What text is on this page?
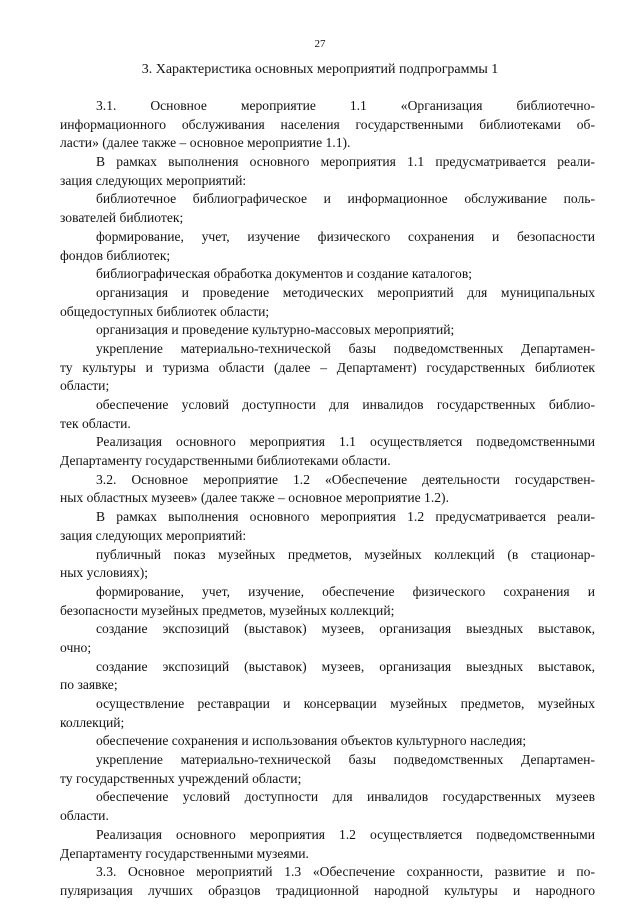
27
3. Характеристика основных мероприятий подпрограммы 1
3.1. Основное мероприятие 1.1 «Организация библиотечно-
информационного обслуживания населения государственными библиотеками об-
ласти» (далее также – основное мероприятие 1.1).
В рамках выполнения основного мероприятия 1.1 предусматривается реали-
зация следующих мероприятий:
библиотечное библиографическое и информационное обслуживание поль-
зователей библиотек;
формирование, учет, изучение физического сохранения и безопасности
фондов библиотек;
библиографическая обработка документов и создание каталогов;
организация и проведение методических мероприятий для муниципальных
общедоступных библиотек области;
организация и проведение культурно-массовых мероприятий;
укрепление материально-технической базы подведомственных Департамен-
ту культуры и туризма области (далее – Департамент) государственных библиотек
области;
обеспечение условий доступности для инвалидов государственных библио-
тек области.
Реализация основного мероприятия 1.1 осуществляется подведомственными
Департаменту государственными библиотеками области.
3.2. Основное мероприятие 1.2 «Обеспечение деятельности государствен-
ных областных музеев» (далее также – основное мероприятие 1.2).
В рамках выполнения основного мероприятия 1.2 предусматривается реали-
зация следующих мероприятий:
публичный показ музейных предметов, музейных коллекций (в стационар-
ных условиях);
формирование, учет, изучение, обеспечение физического сохранения и
безопасности музейных предметов, музейных коллекций;
создание экспозиций (выставок) музеев, организация выездных выставок,
очно;
создание экспозиций (выставок) музеев, организация выездных выставок,
по заявке;
осуществление реставрации и консервации музейных предметов, музейных
коллекций;
обеспечение сохранения и использования объектов культурного наследия;
укрепление материально-технической базы подведомственных Департамен-
ту государственных учреждений области;
обеспечение условий доступности для инвалидов государственных музеев
области.
Реализация основного мероприятия 1.2 осуществляется подведомственными
Департаменту государственными музеями.
3.3. Основное мероприятий 1.3 «Обеспечение сохранности, развитие и по-
пуляризация лучших образцов традиционной народной культуры и народного
